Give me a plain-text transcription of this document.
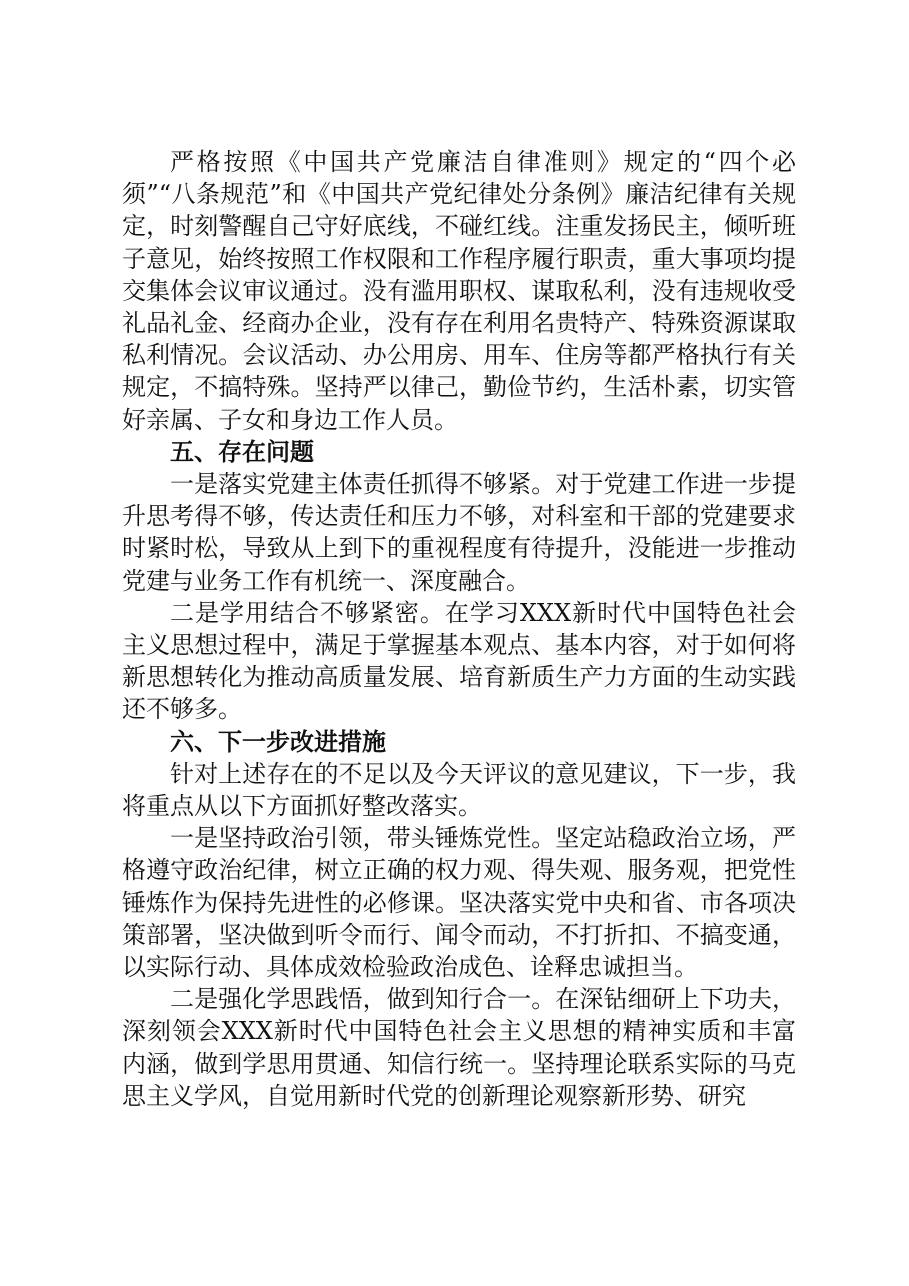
严格按照《中国共产党廉洁自律准则》规定的“四个必须”“八条规范”和《中国共产党纪律处分条例》廉洁纪律有关规定，时刻警醒自己守好底线，不碰红线。注重发扬民主，倾听班子意见，始终按照工作权限和工作程序履行职责，重大事项均提交集体会议审议通过。没有滥用职权、谋取私利，没有违规收受礼品礼金、经商办企业，没有存在利用名贵特产、特殊资源谋取私利情况。会议活动、办公用房、用车、住房等都严格执行有关规定，不搞特殊。坚持严以律己，勤俭节约，生活朴素，切实管好亲属、子女和身边工作人员。

五、存在问题

一是落实党建主体责任抓得不够紧。对于党建工作进一步提升思考得不够，传达责任和压力不够，对科室和干部的党建要求时紧时松，导致从上到下的重视程度有待提升，没能进一步推动党建与业务工作有机统一、深度融合。

二是学用结合不够紧密。在学习XXX新时代中国特色社会主义思想过程中，满足于掌握基本观点、基本内容，对于如何将新思想转化为推动高质量发展、培育新质生产力方面的生动实践还不够多。

六、下一步改进措施

针对上述存在的不足以及今天评议的意见建议，下一步，我将重点从以下方面抓好整改落实。

一是坚持政治引领，带头锤炼党性。坚定站稳政治立场，严格遵守政治纪律，树立正确的权力观、得失观、服务观，把党性锤炼作为保持先进性的必修课。坚决落实党中央和省、市各项决策部署，坚决做到听令而行、闻令而动，不打折扣、不搞变通，以实际行动、具体成效检验政治成色、诠释忠诚担当。

二是强化学思践悟，做到知行合一。在深钻细研上下功夫，深刻领会XXX新时代中国特色社会主义思想的精神实质和丰富内涵，做到学思用贯通、知信行统一。坚持理论联系实际的马克思主义学风，自觉用新时代党的创新理论观察新形势、研究
